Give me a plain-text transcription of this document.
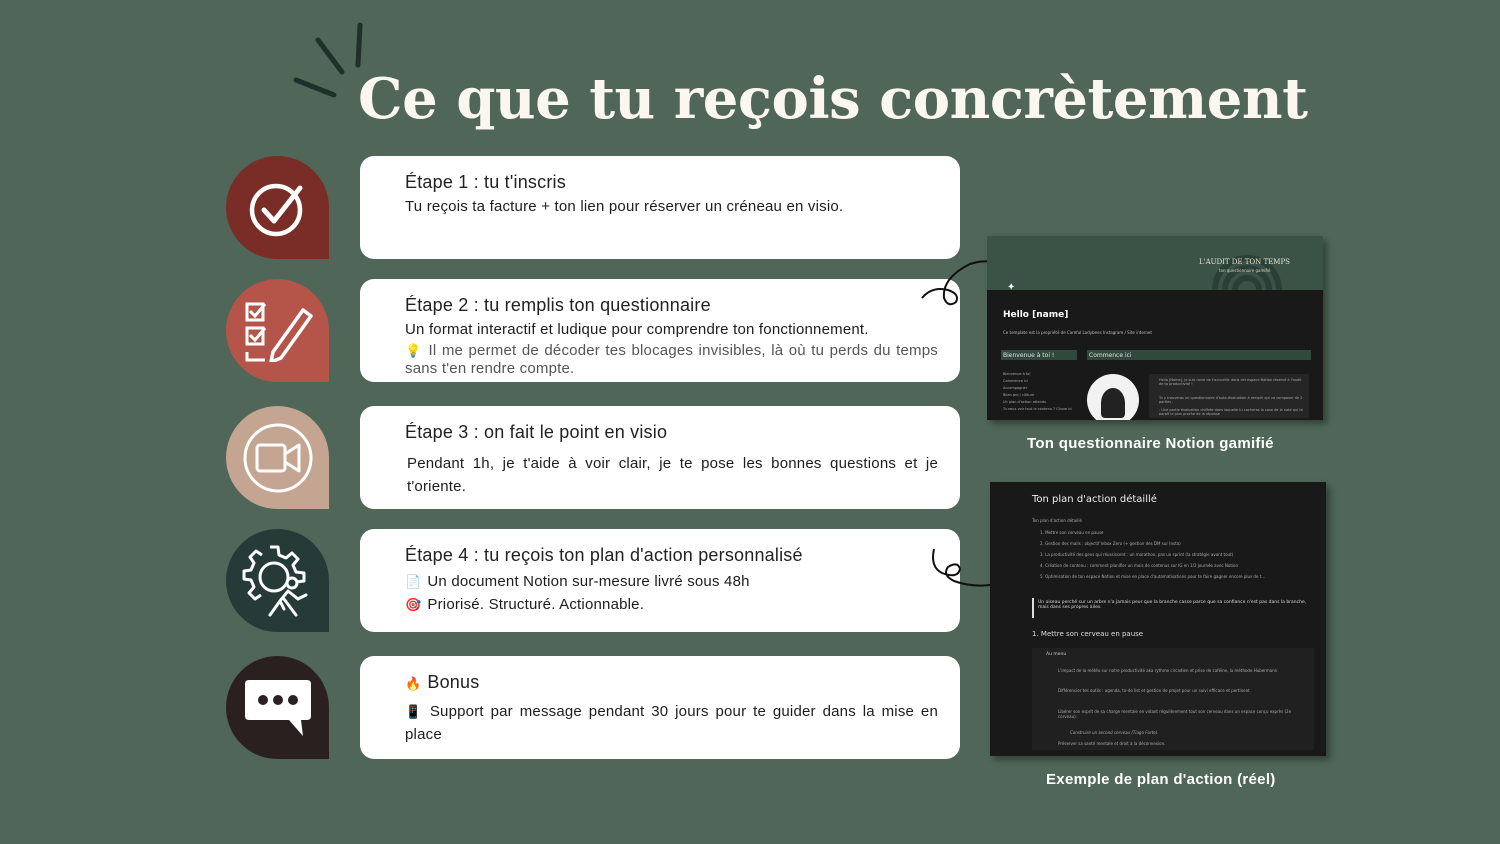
Ce que tu reçois concrètement
Étape 1 : tu t'inscris

Tu reçois ta facture + ton lien pour réserver un créneau en visio.

Étape 2 : tu remplis ton questionnaire

Un format interactif et ludique pour comprendre ton fonctionnement.

💡 Il me permet de décoder tes blocages invisibles, là où tu perds du temps sans t'en rendre compte.

Étape 3 : on fait le point en visio

Pendant 1h, je t'aide à voir clair, je te pose les bonnes questions et je t'oriente.

Étape 4 : tu reçois ton plan d'action personnalisé

📄 Un document Notion sur-mesure livré sous 48h

🎯 Priorisé. Structuré. Actionnable.

🔥 Bonus

📱 Support par message pendant 30 jours pour te guider dans la mise en place

L'AUDIT DE TON TEMPS
ton questionnaire gamifié
✦
Hello [name]
Ce template est la propriété de Careful Ladybees Instagram / Site internet
Bienvenue à toi !	Commence ici
Bienvenue à toi
Commence ici
Accompagner
Bilan pro / clôture
Un plan d'action attendu
Tu veux voir tout le contenu ? Clique ici
Hello [Name], je suis ravie de t'accueillir dans cet espace Notion réservé à l'audit de ta productivité !
Tu y trouveras un questionnaire d'auto-évaluation à remplir qui va composer de 2 parties :
- Une partie évaluation chiffrée dans laquelle tu cocheras la case de la note qui te paraît le plus proche de la réponse
Ton questionnaire Notion gamifié
Ton plan d'action détaillé
Ton plan d'action détaillé
1. Mettre son cerveau en pause
2. Gestion des mails : objectif Inbox Zero (+ gestion des DM sur Insta)
3. La productivité des gens qui réussissent : un marathon, pas un sprint (la stratégie avant tout)
4. Création de contenu : comment planifier un mois de contenus sur IG en 1/2 journée avec Notion
5. Optimisation de ton espace Notion et mise en place d'automatisations pour te faire gagner encore plus de t...
Un oiseau perché sur un arbre n'a jamais peur que la branche casse parce que sa confiance n'est pas dans la branche, mais dans ses propres ailes.
1. Mettre son cerveau en pause
Au menu
L'impact de la météo sur notre productivité aka rythme circadien et prise de caféine, la méthode Hubermann
Différencier tes outils : agenda, to-do list et gestion de projet pour un suivi efficace et pertinent
Libérer son esprit de sa charge mentale en vidant régulièrement tout son cerveau dans un espace conçu exprès (2e cerveau).
Construire un second cerveau (Tiago Forte).
Préserver sa santé mentale et droit à la déconnexion.
Exemple de plan d'action (réel)
